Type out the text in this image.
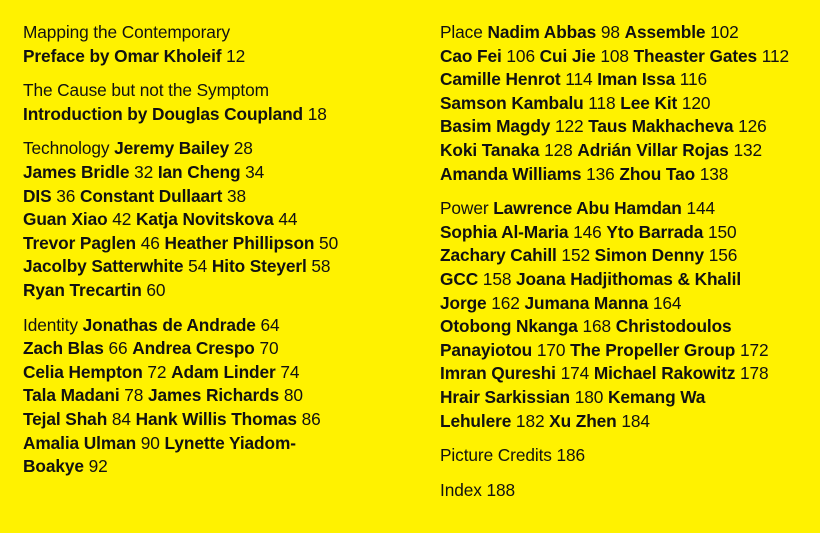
Mapping the Contemporary
Preface by Omar Kholeif 12
The Cause but not the Symptom
Introduction by Douglas Coupland 18
Technology Jeremy Bailey 28
James Bridle 32 Ian Cheng 34
DIS 36 Constant Dullaart 38
Guan Xiao 42 Katja Novitskova 44
Trevor Paglen 46 Heather Phillipson 50
Jacolby Satterwhite 54 Hito Steyerl 58
Ryan Trecartin 60
Identity Jonathas de Andrade 64
Zach Blas 66 Andrea Crespo 70
Celia Hempton 72 Adam Linder 74
Tala Madani 78 James Richards 80
Tejal Shah 84 Hank Willis Thomas 86
Amalia Ulman 90 Lynette Yiadom-
Boakye 92
Place Nadim Abbas 98 Assemble 102
Cao Fei 106 Cui Jie 108 Theaster Gates 112
Camille Henrot 114 Iman Issa 116
Samson Kambalu 118 Lee Kit 120
Basim Magdy 122 Taus Makhacheva 126
Koki Tanaka 128 Adrián Villar Rojas 132
Amanda Williams 136 Zhou Tao 138
Power Lawrence Abu Hamdan 144
Sophia Al-Maria 146 Yto Barrada 150
Zachary Cahill 152 Simon Denny 156
GCC 158 Joana Hadjithomas & Khalil
Jorge 162 Jumana Manna 164
Otobong Nkanga 168 Christodoulos
Panayiotou 170 The Propeller Group 172
Imran Qureshi 174 Michael Rakowitz 178
Hrair Sarkissian 180 Kemang Wa
Lehulere 182 Xu Zhen 184
Picture Credits 186
Index 188
